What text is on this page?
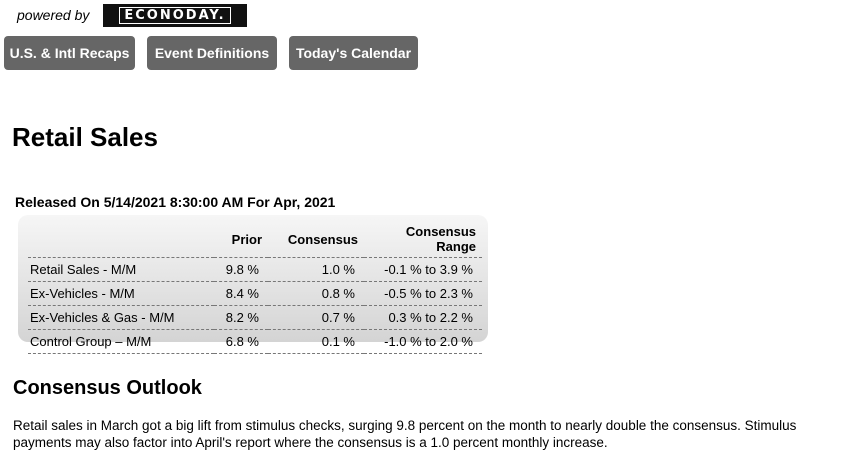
powered by	ECONODAY.
U.S. & Intl Recaps	Event Definitions	Today's Calendar
Retail Sales
Released On 5/14/2021 8:30:00 AM For Apr, 2021
	Prior	Consensus	Consensus Range
Retail Sales - M/M	9.8 %	1.0 %	-0.1 % to 3.9 %
Ex-Vehicles - M/M	8.4 %	0.8 %	-0.5 % to 2.3 %
Ex-Vehicles & Gas - M/M	8.2 %	0.7 %	0.3 % to 2.2 %
Control Group – M/M	6.8 %	0.1 %	-1.0 % to 2.0 %
Consensus Outlook

Retail sales in March got a big lift from stimulus checks, surging 9.8 percent on the month to nearly double the consensus. Stimulus payments may also factor into April's report where the consensus is a 1.0 percent monthly increase.
